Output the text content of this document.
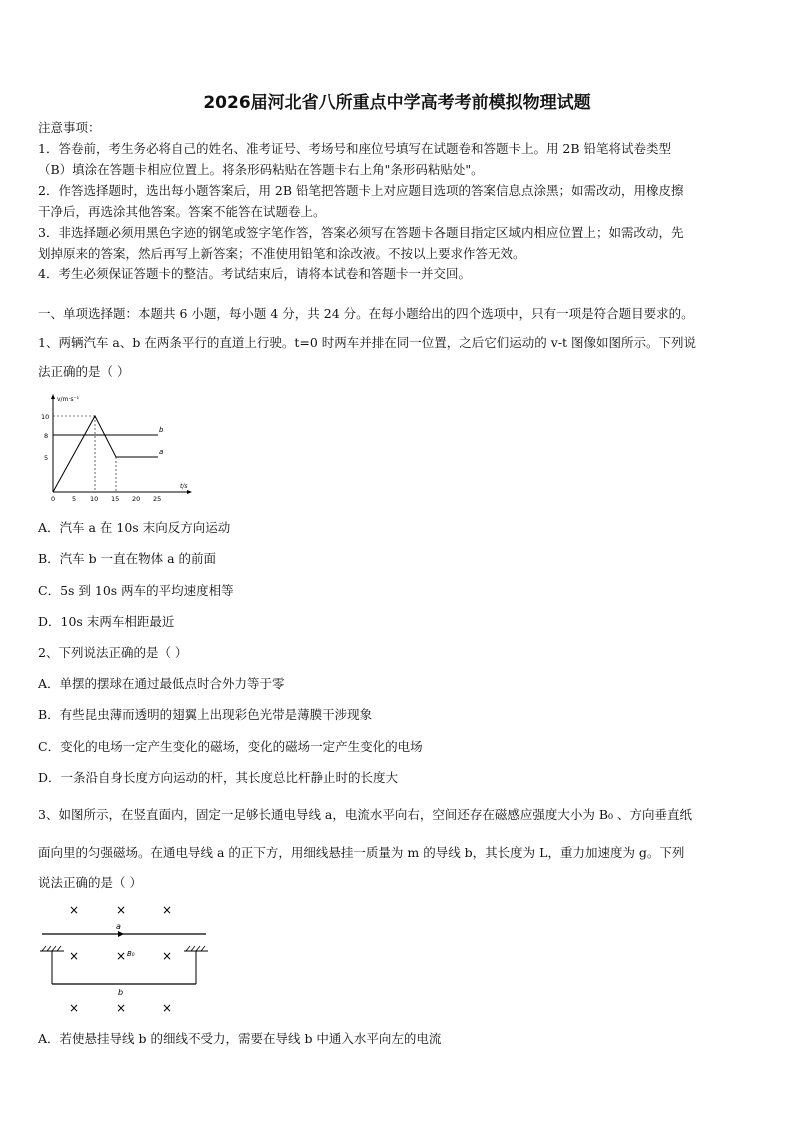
2026届河北省八所重点中学高考考前模拟物理试题
注意事项：
1．答卷前，考生务必将自己的姓名、准考证号、考场号和座位号填写在试题卷和答题卡上。用 2B 铅笔将试卷类型
（B）填涂在答题卡相应位置上。将条形码粘贴在答题卡右上角"条形码粘贴处"。
2．作答选择题时，选出每小题答案后，用 2B 铅笔把答题卡上对应题目选项的答案信息点涂黑；如需改动，用橡皮擦
干净后，再选涂其他答案。答案不能答在试题卷上。
3．非选择题必须用黑色字迹的钢笔或签字笔作答，答案必须写在答题卡各题目指定区域内相应位置上；如需改动，先
划掉原来的答案，然后再写上新答案；不准使用铅笔和涂改液。不按以上要求作答无效。
4．考生必须保证答题卡的整洁。考试结束后，请将本试卷和答题卡一并交回。
一、单项选择题：本题共 6 小题，每小题 4 分，共 24 分。在每小题给出的四个选项中，只有一项是符合题目要求的。
1、两辆汽车 a、b 在两条平行的直道上行驶。t=0 时两车并排在同一位置，之后它们运动的 v-t 图像如图所示。下列说
法正确的是（ ）
v/m·s⁻¹
t/s
10
8
5
0	5 10 15 20 25
b
a
A．汽车 a 在 10s 末向反方向运动
B．汽车 b 一直在物体 a 的前面
C．5s 到 10s 两车的平均速度相等
D．10s 末两车相距最近
2、下列说法正确的是（ ）
A．单摆的摆球在通过最低点时合外力等于零
B．有些昆虫薄而透明的翅翼上出现彩色光带是薄膜干涉现象
C．变化的电场一定产生变化的磁场，变化的磁场一定产生变化的电场
D．一条沿自身长度方向运动的杆，其长度总比杆静止时的长度大
3、如图所示，在竖直面内，固定一足够长通电导线 a，电流水平向右，空间还存在磁感应强度大小为 B₀ 、方向垂直纸
面向里的匀强磁场。在通电导线 a 的正下方，用细线悬挂一质量为 m 的导线 b，其长度为 L，重力加速度为 g。下列
说法正确的是（ ）
×	×	×
a
×	× B₀ ×
b
×	×	×
A．若使悬挂导线 b 的细线不受力，需要在导线 b 中通入水平向左的电流
